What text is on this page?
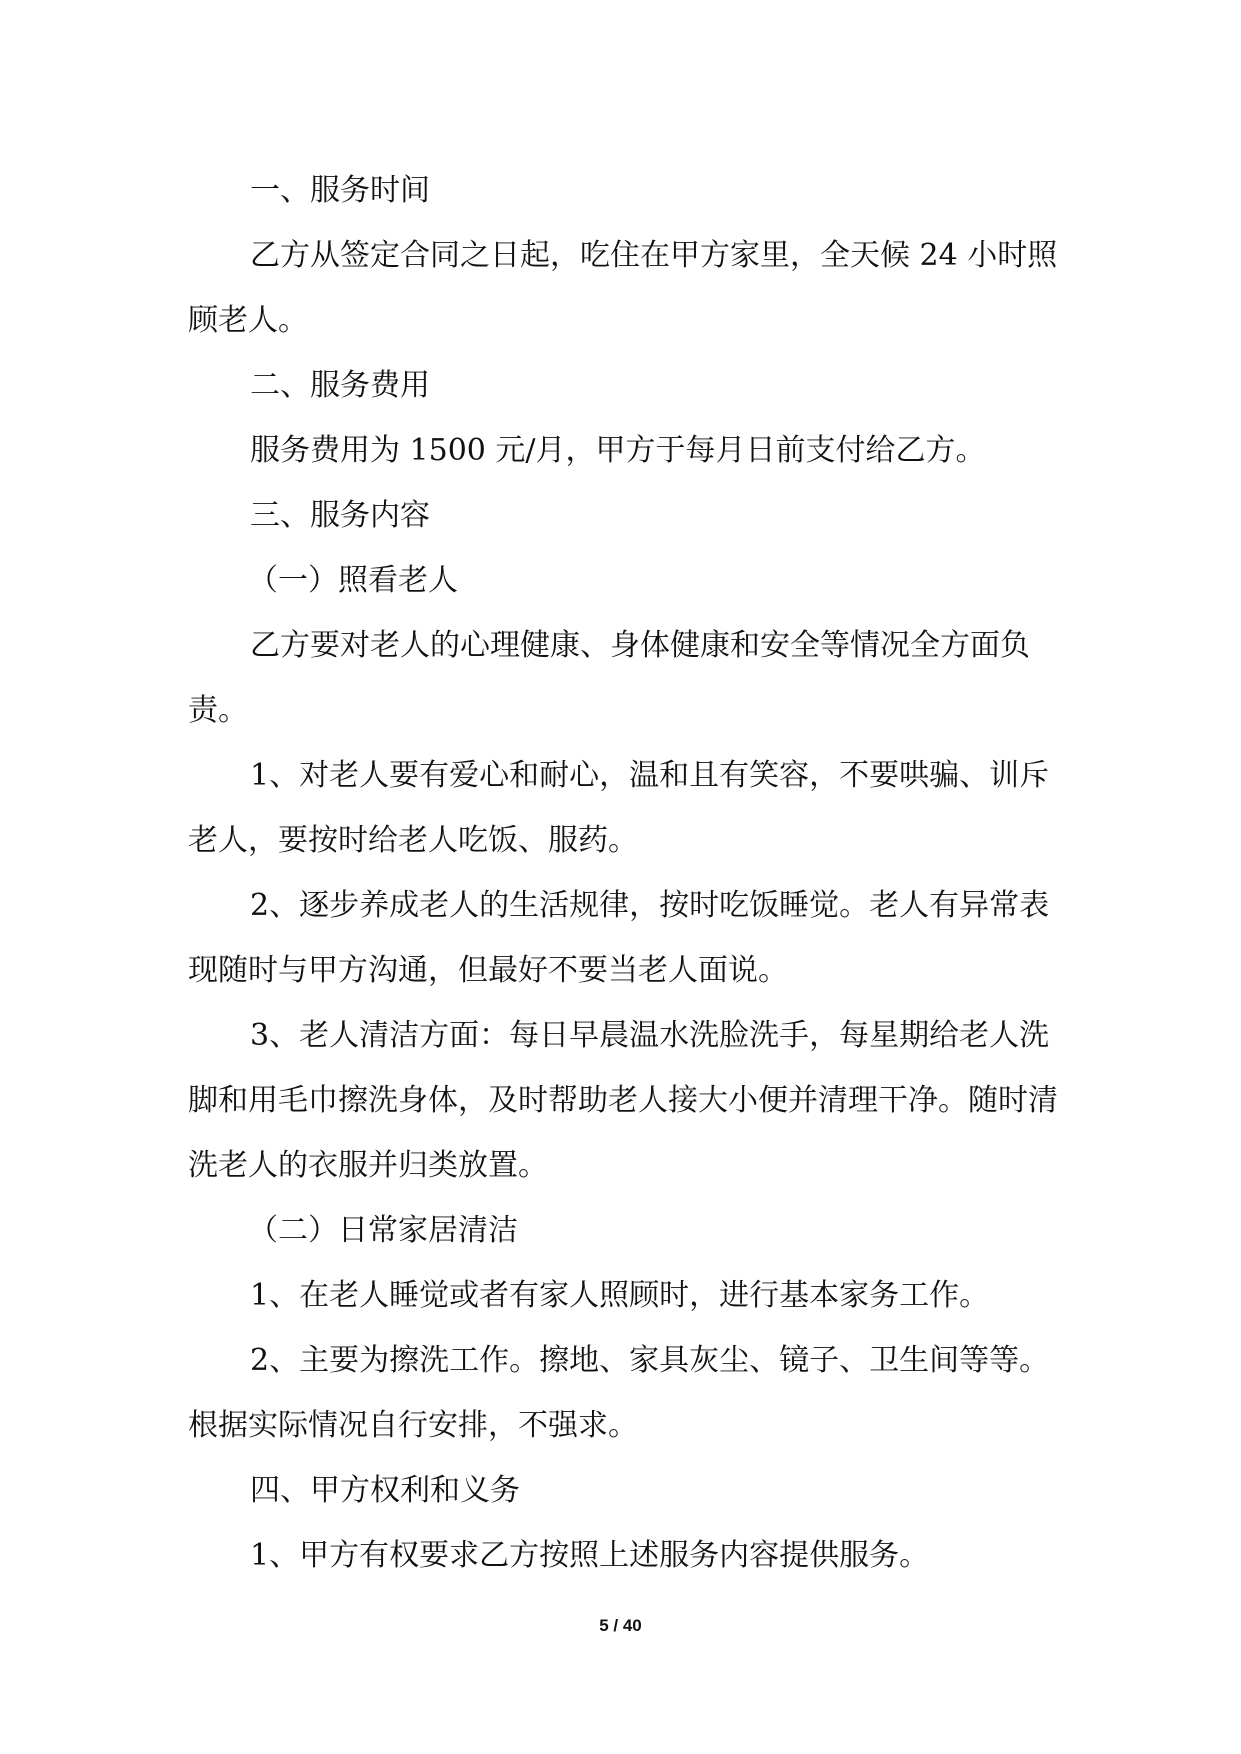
一、服务时间

乙方从签定合同之日起，吃住在甲方家里，全天候 24 小时照顾老人。

二、服务费用

服务费用为 1500 元/月，甲方于每月日前支付给乙方。

三、服务内容

（一）照看老人

乙方要对老人的心理健康、身体健康和安全等情况全方面负责。

1、对老人要有爱心和耐心，温和且有笑容，不要哄骗、训斥老人，要按时给老人吃饭、服药。

2、逐步养成老人的生活规律，按时吃饭睡觉。老人有异常表现随时与甲方沟通，但最好不要当老人面说。

3、老人清洁方面：每日早晨温水洗脸洗手，每星期给老人洗脚和用毛巾擦洗身体，及时帮助老人接大小便并清理干净。随时清洗老人的衣服并归类放置。

（二）日常家居清洁

1、在老人睡觉或者有家人照顾时，进行基本家务工作。

2、主要为擦洗工作。擦地、家具灰尘、镜子、卫生间等等。根据实际情况自行安排，不强求。

四、甲方权利和义务

1、甲方有权要求乙方按照上述服务内容提供服务。

5 / 40
